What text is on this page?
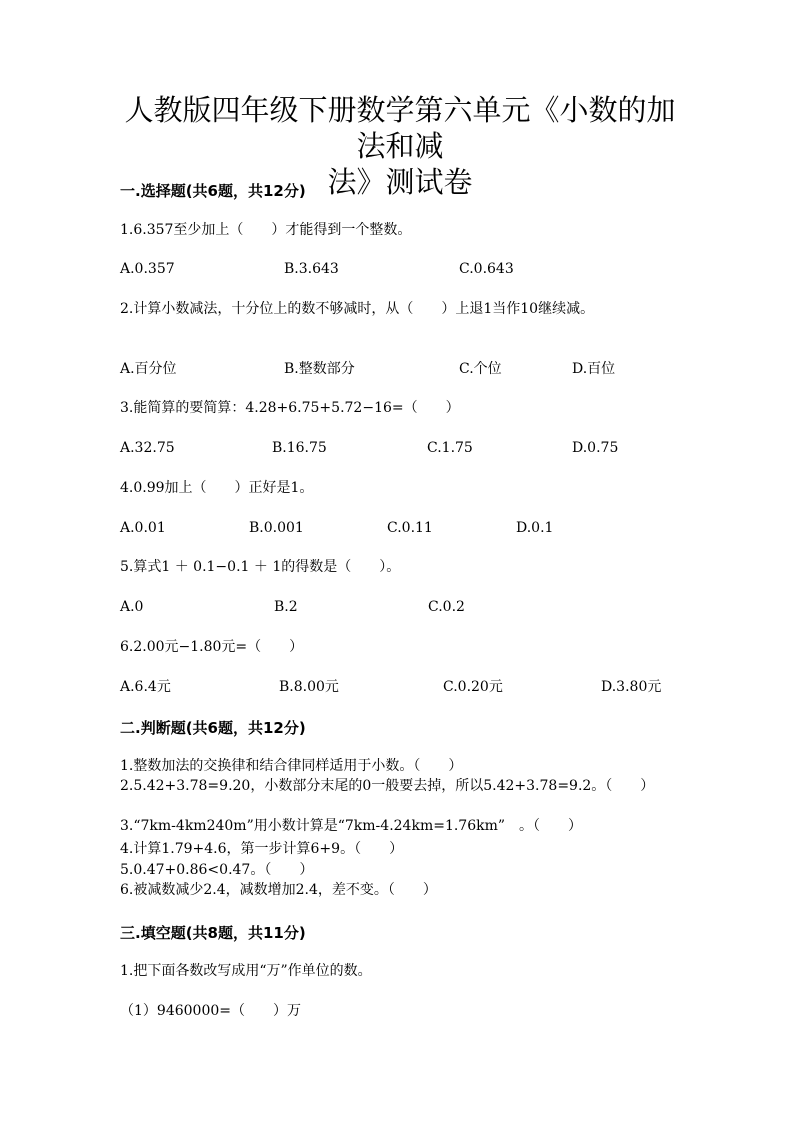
人教版四年级下册数学第六单元《小数的加法和减
法》测试卷
一.选择题(共6题，共12分)
1.6.357至少加上（　　）才能得到一个整数。
A.0.357	B.3.643	C.0.643
2.计算小数减法，十分位上的数不够减时，从（　　）上退1当作10继续减。
A.百分位	B.整数部分	C.个位	D.百位
3.能简算的要简算：4.28+6.75+5.72−16=（　　）
A.32.75	B.16.75	C.1.75	D.0.75
4.0.99加上（　　）正好是1。
A.0.01	B.0.001	C.0.11	D.0.1
5.算式1 ＋ 0.1−0.1 ＋ 1的得数是（　　）。
A.0	B.2	C.0.2
6.2.00元−1.80元=（　　）
A.6.4元	B.8.00元	C.0.20元	D.3.80元
二.判断题(共6题，共12分)
1.整数加法的交换律和结合律同样适用于小数。（　　）
2.5.42+3.78=9.20，小数部分末尾的0一般要去掉，所以5.42+3.78=9.2。（　　）
3.“7km-4km240m”用小数计算是“7km-4.24km=1.76km”　。（　　）
4.计算1.79+4.6，第一步计算6+9。（　　）
5.0.47+0.86<0.47。（　　）
6.被减数减少2.4，减数增加2.4，差不变。（　　）
三.填空题(共8题，共11分)
1.把下面各数改写成用“万”作单位的数。
（1）9460000=（　　）万
